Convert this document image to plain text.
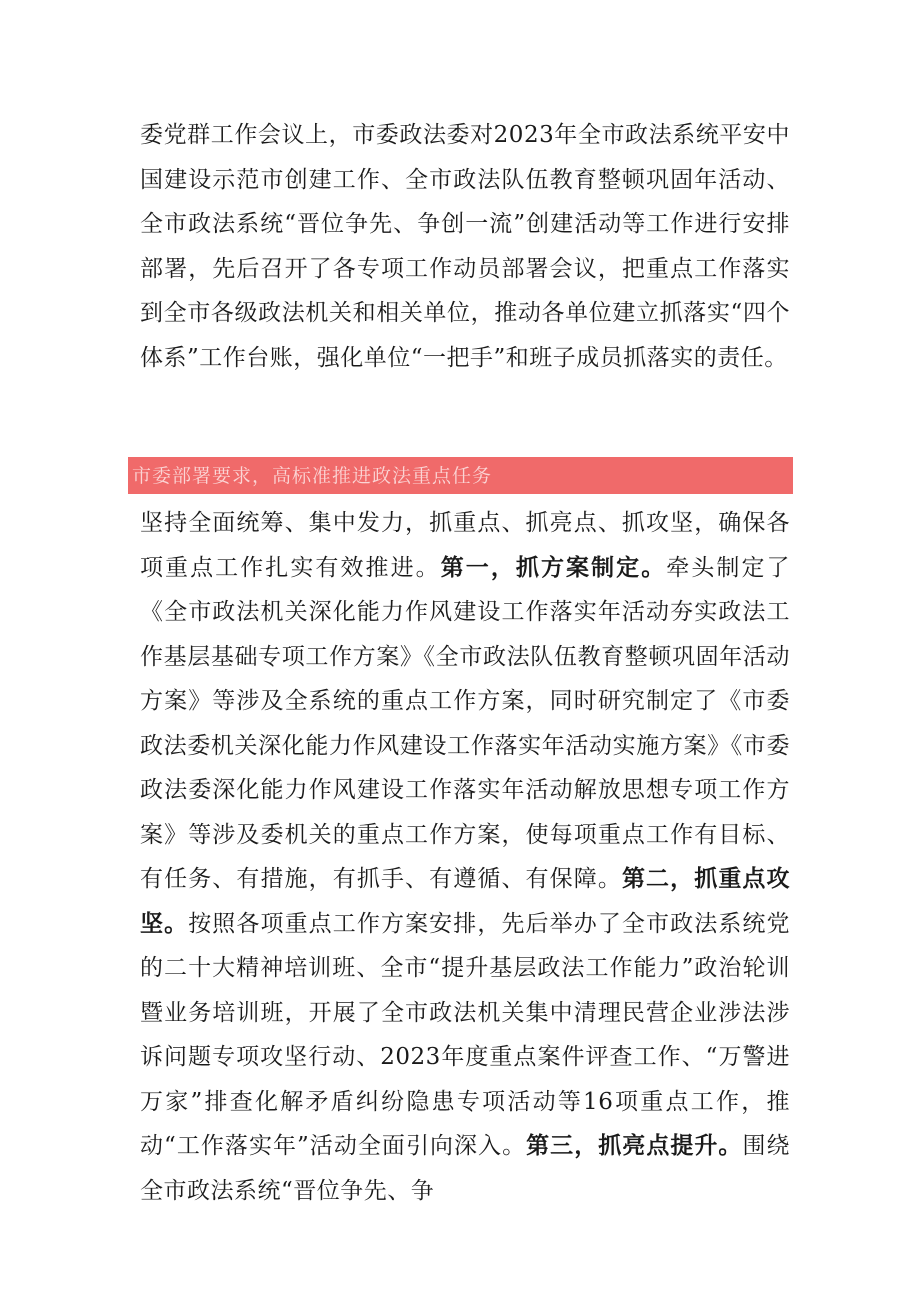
委党群工作会议上，市委政法委对2023年全市政法系统平安中国建设示范市创建工作、全市政法队伍教育整顿巩固年活动、全市政法系统“晋位争先、争创一流”创建活动等工作进行安排部署，先后召开了各专项工作动员部署会议，把重点工作落实到全市各级政法机关和相关单位，推动各单位建立抓落实“四个体系”工作台账，强化单位“一把手”和班子成员抓落实的责任。

市委部署要求，高标准推进政法重点任务

坚持全面统筹、集中发力，抓重点、抓亮点、抓攻坚，确保各项重点工作扎实有效推进。第一，抓方案制定。牵头制定了《全市政法机关深化能力作风建设工作落实年活动夯实政法工作基层基础专项工作方案》《全市政法队伍教育整顿巩固年活动方案》等涉及全系统的重点工作方案，同时研究制定了《市委政法委机关深化能力作风建设工作落实年活动实施方案》《市委政法委深化能力作风建设工作落实年活动解放思想专项工作方案》等涉及委机关的重点工作方案，使每项重点工作有目标、有任务、有措施，有抓手、有遵循、有保障。第二，抓重点攻坚。按照各项重点工作方案安排，先后举办了全市政法系统党的二十大精神培训班、全市“提升基层政法工作能力”政治轮训暨业务培训班，开展了全市政法机关集中清理民营企业涉法涉诉问题专项攻坚行动、2023年度重点案件评查工作、“万警进万家”排查化解矛盾纠纷隐患专项活动等16项重点工作，推动“工作落实年”活动全面引向深入。第三，抓亮点提升。围绕全市政法系统“晋位争先、争
